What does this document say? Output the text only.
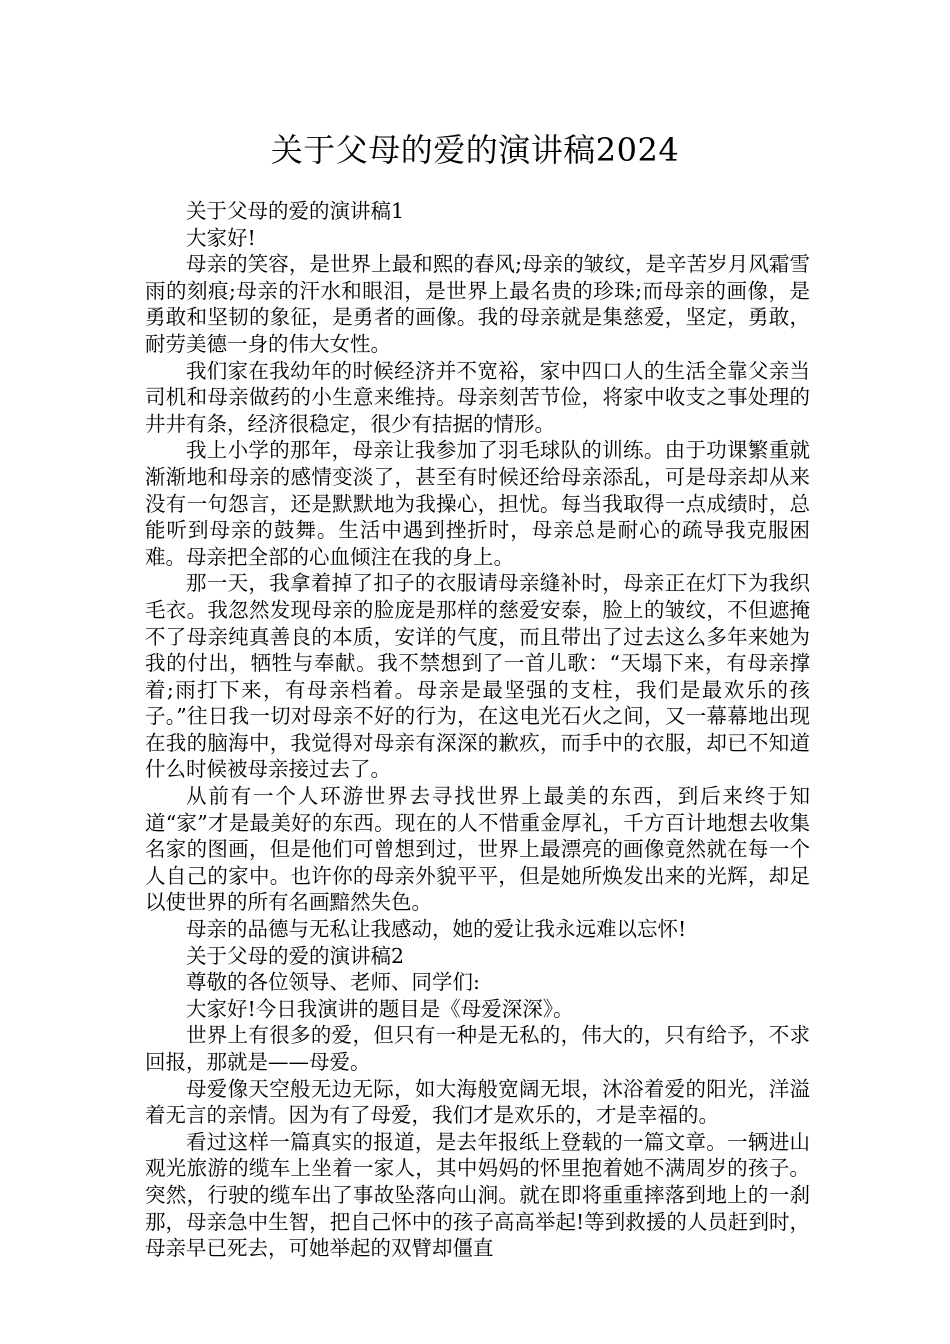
关于父母的爱的演讲稿2024

关于父母的爱的演讲稿1

大家好!

母亲的笑容，是世界上最和熙的春风;母亲的皱纹，是辛苦岁月风霜雪雨的刻痕;母亲的汗水和眼泪，是世界上最名贵的珍珠;而母亲的画像，是勇敢和坚韧的象征，是勇者的画像。我的母亲就是集慈爱，坚定，勇敢，耐劳美德一身的伟大女性。

我们家在我幼年的时候经济并不宽裕，家中四口人的生活全靠父亲当司机和母亲做药的小生意来维持。母亲刻苦节俭，将家中收支之事处理的井井有条，经济很稳定，很少有拮据的情形。

我上小学的那年，母亲让我参加了羽毛球队的训练。由于功课繁重就渐渐地和母亲的感情变淡了，甚至有时候还给母亲添乱，可是母亲却从来没有一句怨言，还是默默地为我操心，担忧。每当我取得一点成绩时，总能听到母亲的鼓舞。生活中遇到挫折时，母亲总是耐心的疏导我克服困难。母亲把全部的心血倾注在我的身上。

那一天，我拿着掉了扣子的衣服请母亲缝补时，母亲正在灯下为我织毛衣。我忽然发现母亲的脸庞是那样的慈爱安泰，脸上的皱纹，不但遮掩不了母亲纯真善良的本质，安详的气度，而且带出了过去这么多年来她为我的付出，牺牲与奉献。我不禁想到了一首儿歌：“天塌下来，有母亲撑着;雨打下来，有母亲档着。母亲是最坚强的支柱，我们是最欢乐的孩子。”往日我一切对母亲不好的行为，在这电光石火之间，又一幕幕地出现在我的脑海中，我觉得对母亲有深深的歉疚，而手中的衣服，却已不知道什么时候被母亲接过去了。

从前有一个人环游世界去寻找世界上最美的东西，到后来终于知道“家”才是最美好的东西。现在的人不惜重金厚礼，千方百计地想去收集名家的图画，但是他们可曾想到过，世界上最漂亮的画像竟然就在每一个人自己的家中。也许你的母亲外貌平平，但是她所焕发出来的光辉，却足以使世界的所有名画黯然失色。

母亲的品德与无私让我感动，她的爱让我永远难以忘怀!

关于父母的爱的演讲稿2

尊敬的各位领导、老师、同学们:

大家好!今日我演讲的题目是《母爱深深》。

世界上有很多的爱，但只有一种是无私的，伟大的，只有给予，不求回报，那就是——母爱。

母爱像天空般无边无际，如大海般宽阔无垠，沐浴着爱的阳光，洋溢着无言的亲情。因为有了母爱，我们才是欢乐的，才是幸福的。

看过这样一篇真实的报道，是去年报纸上登载的一篇文章。一辆进山观光旅游的缆车上坐着一家人，其中妈妈的怀里抱着她不满周岁的孩子。突然，行驶的缆车出了事故坠落向山涧。就在即将重重摔落到地上的一刹那，母亲急中生智，把自己怀中的孩子高高举起!等到救援的人员赶到时，母亲早已死去，可她举起的双臂却僵直
